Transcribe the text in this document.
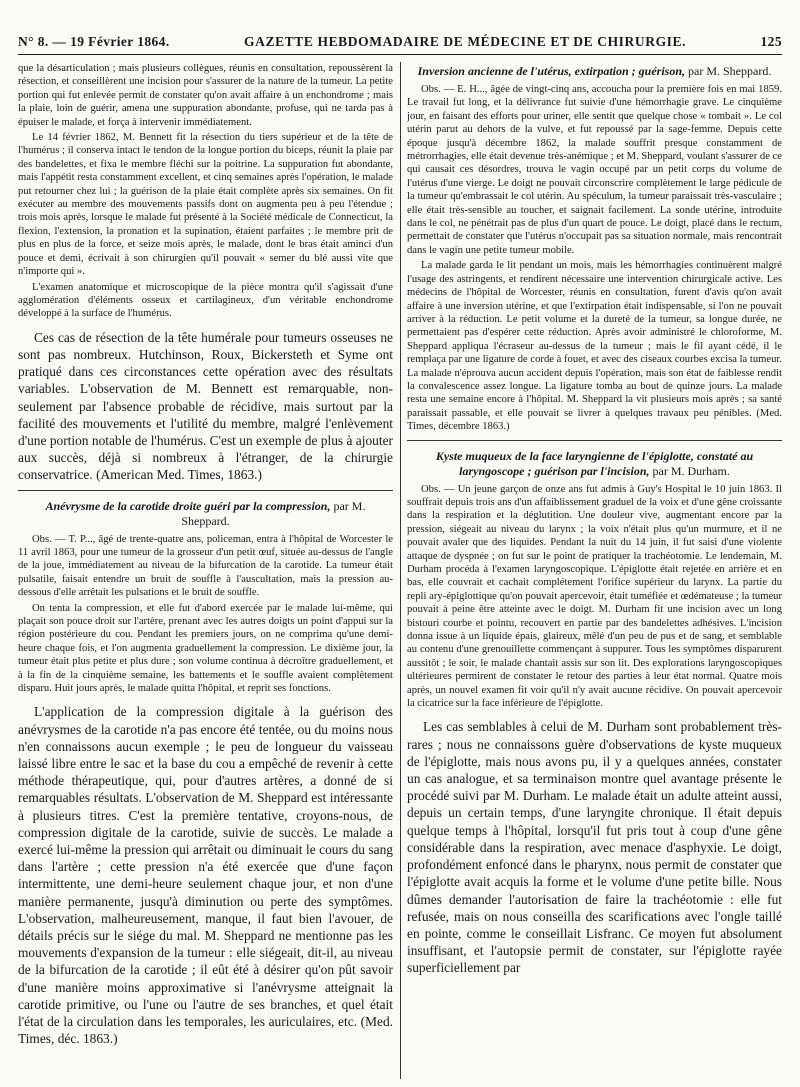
N° 8. — 19 Février 1864.	GAZETTE HEBDOMADAIRE DE MÉDECINE ET DE CHIRURGIE.	125

que la désarticulation ; mais plusieurs collègues, réunis en consultation, repoussèrent la résection, et conseillèrent une incision pour s'assurer de la nature de la tumeur. La petite portion qui fut enlevée permit de constater qu'on avait affaire à un enchondrome ; mais la plaie, loin de guérir, amena une suppuration abondante, profuse, qui ne tarda pas à épuiser le malade, et força à intervenir immédiatement.

Le 14 février 1862, M. Bennett fit la résection du tiers supérieur et de la tête de l'humérus ; il conserva intact le tendon de la longue portion du biceps, réunit la plaie par des bandelettes, et fixa le membre fléchi sur la poitrine. La suppuration fut abondante, mais l'appétit resta constamment excellent, et cinq semaines après l'opération, le malade put retourner chez lui ; la guérison de la plaie était complète après six semaines. On fit exécuter au membre des mouvements passifs dont on augmenta peu à peu l'étendue ; trois mois après, lorsque le malade fut présenté à la Société médicale de Connecticut, la flexion, l'extension, la pronation et la supination, étaient parfaites ; le membre prit de plus en plus de la force, et seize mois après, le malade, dont le bras était aminci d'un pouce et demi, écrivait à son chirurgien qu'il pouvait « semer du blé aussi vite que n'importe qui ».

L'examen anatomique et microscopique de la pièce montra qu'il s'agissait d'une agglomération d'éléments osseux et cartilagineux, d'un véritable enchondrome développé à la surface de l'humérus.

Ces cas de résection de la tête humérale pour tumeurs osseuses ne sont pas nombreux. Hutchinson, Roux, Bickersteth et Syme ont pratiqué dans ces circonstances cette opération avec des résultats variables. L'observation de M. Bennett est remarquable, non-seulement par l'absence probable de récidive, mais surtout par la facilité des mouvements et l'utilité du membre, malgré l'enlèvement d'une portion notable de l'humérus. C'est un exemple de plus à ajouter aux succès, déjà si nombreux à l'étranger, de la chirurgie conservatrice. (American Med. Times, 1863.)

Anévrysme de la carotide droite guéri par la compression, par M. Sheppard.

Obs. — T. P..., âgé de trente-quatre ans, policeman, entra à l'hôpital de Worcester le 11 avril 1863, pour une tumeur de la grosseur d'un petit œuf, située au-dessus de l'angle de la joue, immédiatement au niveau de la bifurcation de la carotide. La tumeur était pulsatile, faisait entendre un bruit de souffle à l'auscultation, mais la pression au-dessous d'elle arrêtait les pulsations et le bruit de souffle.

On tenta la compression, et elle fut d'abord exercée par le malade lui-même, qui plaçait son pouce droit sur l'artère, prenant avec les autres doigts un point d'appui sur la région postérieure du cou. Pendant les premiers jours, on ne comprima qu'une demi-heure chaque fois, et l'on augmenta graduellement la compression. Le dixième jour, la tumeur était plus petite et plus dure ; son volume continua à décroître graduellement, et à la fin de la cinquième semaine, les battements et le souffle avaient complètement disparu. Huit jours après, le malade quitta l'hôpital, et reprit ses fonctions.

L'application de la compression digitale à la guérison des anévrysmes de la carotide n'a pas encore été tentée, ou du moins nous n'en connaissons aucun exemple ; le peu de longueur du vaisseau laissé libre entre le sac et la base du cou a empêché de revenir à cette méthode thérapeutique, qui, pour d'autres artères, a donné de si remarquables résultats. L'observation de M. Sheppard est intéressante à plusieurs titres. C'est la première tentative, croyons-nous, de compression digitale de la carotide, suivie de succès. Le malade a exercé lui-même la pression qui arrêtait ou diminuait le cours du sang dans l'artère ; cette pression n'a été exercée que d'une façon intermittente, une demi-heure seulement chaque jour, et non d'une manière permanente, jusqu'à diminution ou perte des symptômes. L'observation, malheureusement, manque, il faut bien l'avouer, de détails précis sur le siége du mal. M. Sheppard ne mentionne pas les mouvements d'expansion de la tumeur : elle siégeait, dit-il, au niveau de la bifurcation de la carotide ; il eût été à désirer qu'on pût savoir d'une manière moins approximative si l'anévrysme atteignait la carotide primitive, ou l'une ou l'autre de ses branches, et quel était l'état de la circulation dans les temporales, les auriculaires, etc. (Med. Times, déc. 1863.)

Inversion ancienne de l'utérus, extirpation ; guérison, par M. Sheppard.

Obs. — E. H..., âgée de vingt-cinq ans, accoucha pour la première fois en mai 1859. Le travail fut long, et la délivrance fut suivie d'une hémorrhagie grave. Le cinquième jour, en faisant des efforts pour uriner, elle sentit que quelque chose « tombait ». Le col utérin parut au dehors de la vulve, et fut repoussé par la sage-femme. Depuis cette époque jusqu'à décembre 1862, la malade souffrit presque constamment de métrorrhagies, elle était devenue très-anémique ; et M. Sheppard, voulant s'assurer de ce qui causait ces désordres, trouva le vagin occupé par un petit corps du volume de l'utérus d'une vierge. Le doigt ne pouvait circonscrire complètement le large pédicule de la tumeur qu'embrassait le col utérin. Au spéculum, la tumeur paraissait très-vasculaire ; elle était très-sensible au toucher, et saignait facilement. La sonde utérine, introduite dans le col, ne pénétrait pas de plus d'un quart de pouce. Le doigt, placé dans le rectum, permettait de constater que l'utérus n'occupait pas sa situation normale, mais rencontrait dans le vagin une petite tumeur mobile.

La malade garda le lit pendant un mois, mais les hémorrhagies continuèrent malgré l'usage des astringents, et rendirent nécessaire une intervention chirurgicale active. Les médecins de l'hôpital de Worcester, réunis en consultation, furent d'avis qu'on avait affaire à une inversion utérine, et que l'extirpation était indispensable, si l'on ne pouvait arriver à la réduction. Le petit volume et la dureté de la tumeur, sa longue durée, ne permettaient pas d'espérer cette réduction. Après avoir administré le chloroforme, M. Sheppard appliqua l'écraseur au-dessus de la tumeur ; mais le fil ayant cédé, il le remplaça par une ligature de corde à fouet, et avec des ciseaux courbes excisa la tumeur. La malade n'éprouva aucun accident depuis l'opération, mais son état de faiblesse rendit la convalescence assez longue. La ligature tomba au bout de quinze jours. La malade resta une semaine encore à l'hôpital. M. Sheppard la vit plusieurs mois après ; sa santé paraissait passable, et elle pouvait se livrer à quelques travaux peu pénibles. (Med. Times, décembre 1863.)

Kyste muqueux de la face laryngienne de l'épiglotte, constaté au laryngoscope ; guérison par l'incision, par M. Durham.

Obs. — Un jeune garçon de onze ans fut admis à Guy's Hospital le 10 juin 1863. Il souffrait depuis trois ans d'un affaiblissement graduel de la voix et d'une gêne croissante dans la respiration et la déglutition. Une douleur vive, augmentant encore par la pression, siégeait au niveau du larynx ; la voix n'était plus qu'un murmure, et il ne pouvait avaler que des liquides. Pendant la nuit du 14 juin, il fut saisi d'une violente attaque de dyspnée ; on fut sur le point de pratiquer la trachéotomie. Le lendemain, M. Durham procéda à l'examen laryngoscopique. L'épiglotte était rejetée en arrière et en bas, elle couvrait et cachait complétement l'orifice supérieur du larynx. La partie du repli ary-épiglottique qu'on pouvait apercevoir, était tuméfiée et œdémateuse ; la tumeur pouvait à peine être atteinte avec le doigt. M. Durham fit une incision avec un long bistouri courbe et pointu, recouvert en partie par des bandelettes adhésives. L'incision donna issue à un liquide épais, glaireux, mêlé d'un peu de pus et de sang, et semblable au contenu d'une grenouillette commençant à suppurer. Tous les symptômes disparurent aussitôt ; le soir, le malade chantait assis sur son lit. Des explorations laryngoscopiques ultérieures permirent de constater le retour des parties à leur état normal. Quatre mois après, un nouvel examen fit voir qu'il n'y avait aucune récidive. On pouvait apercevoir la cicatrice sur la face inférieure de l'épiglotte.

Les cas semblables à celui de M. Durham sont probablement très-rares ; nous ne connaissons guère d'observations de kyste muqueux de l'épiglotte, mais nous avons pu, il y a quelques années, constater un cas analogue, et sa terminaison montre quel avantage présente le procédé suivi par M. Durham. Le malade était un adulte atteint aussi, depuis un certain temps, d'une laryngite chronique. Il était depuis quelque temps à l'hôpital, lorsqu'il fut pris tout à coup d'une gêne considérable dans la respiration, avec menace d'asphyxie. Le doigt, profondément enfoncé dans le pharynx, nous permit de constater que l'épiglotte avait acquis la forme et le volume d'une petite bille. Nous dûmes demander l'autorisation de faire la trachéotomie : elle fut refusée, mais on nous conseilla des scarifications avec l'ongle taillé en pointe, comme le conseillait Lisfranc. Ce moyen fut absolument insuffisant, et l'autopsie permit de constater, sur l'épiglotte rayée superficiellement par
